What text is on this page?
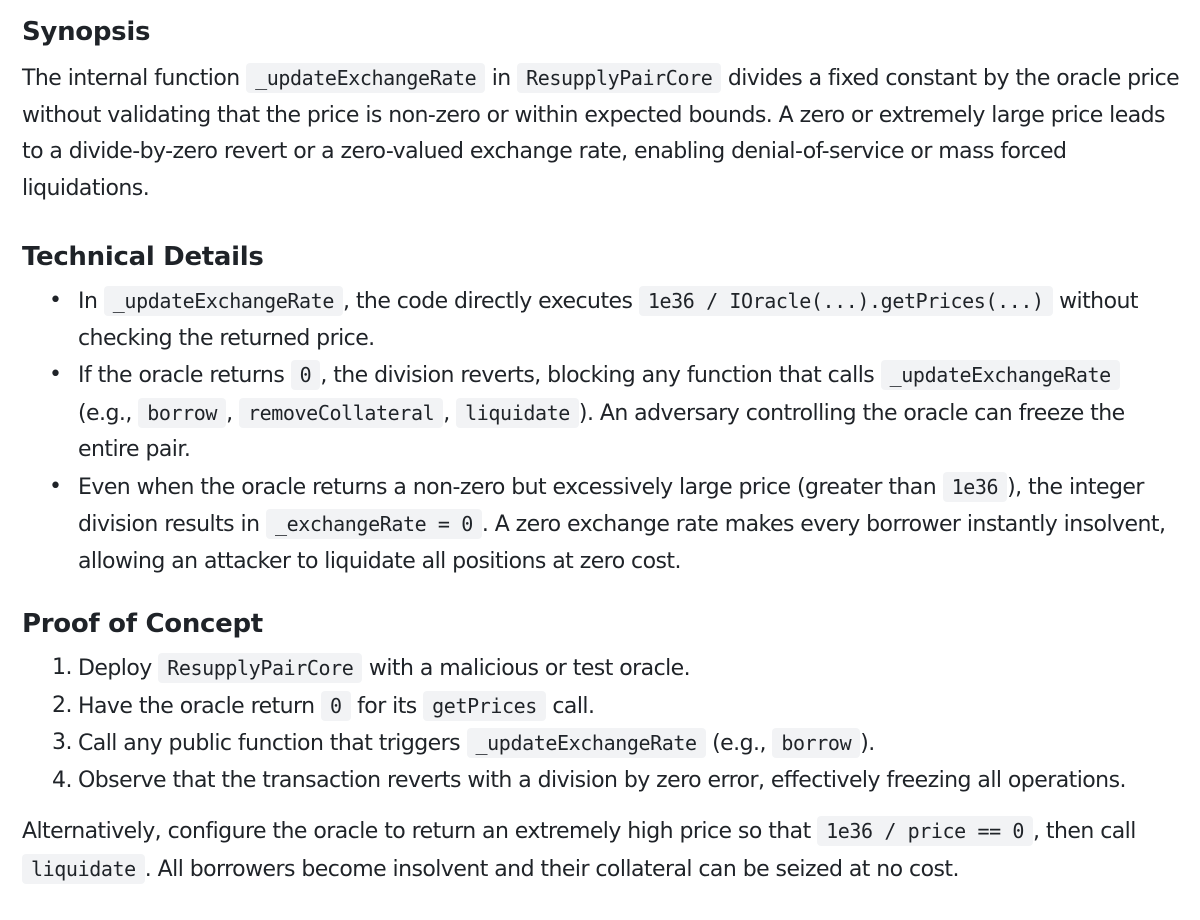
Synopsis

The internal function _updateExchangeRate in ResupplyPairCore divides a fixed constant by the oracle price without validating that the price is non-zero or within expected bounds. A zero or extremely large price leads to a divide-by-zero revert or a zero-valued exchange rate, enabling denial-of-service or mass forced liquidations.

Technical Details
• In _updateExchangeRate , the code directly executes 1e36 / IOracle(...).getPrices(...) without checking the returned price.
• If the oracle returns 0 , the division reverts, blocking any function that calls _updateExchangeRate (e.g., borrow , removeCollateral , liquidate ). An adversary controlling the oracle can freeze the entire pair.
• Even when the oracle returns a non-zero but excessively large price (greater than 1e36 ), the integer division results in _exchangeRate = 0 . A zero exchange rate makes every borrower instantly insolvent, allowing an attacker to liquidate all positions at zero cost.
Proof of Concept
1. Deploy ResupplyPairCore with a malicious or test oracle.
2. Have the oracle return 0 for its getPrices call.
3. Call any public function that triggers _updateExchangeRate (e.g., borrow ).
4. Observe that the transaction reverts with a division by zero error, effectively freezing all operations.

Alternatively, configure the oracle to return an extremely high price so that 1e36 / price == 0 , then call liquidate . All borrowers become insolvent and their collateral can be seized at no cost.
